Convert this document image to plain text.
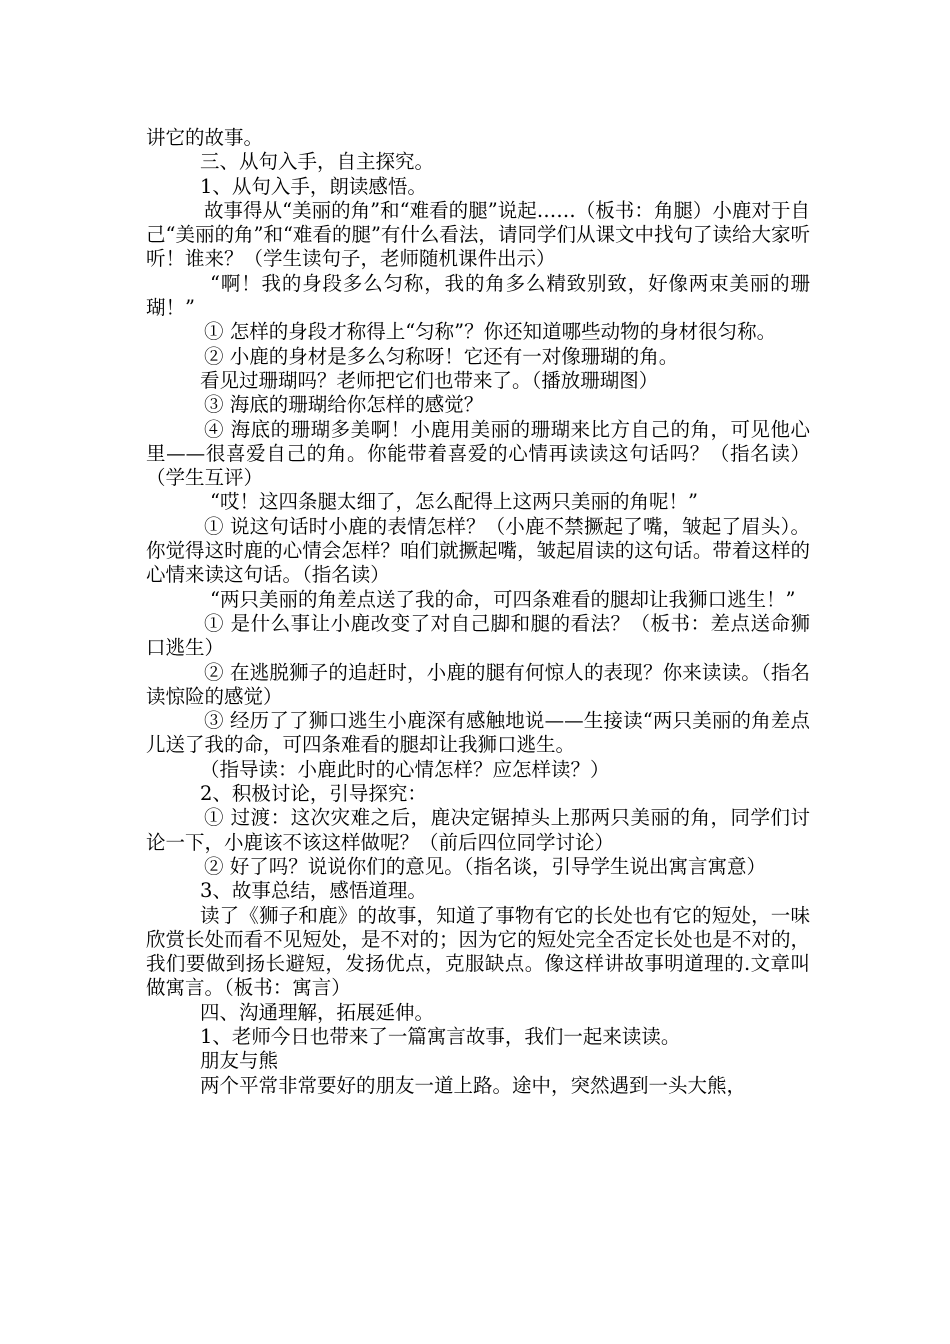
讲它的故事。

三、从句入手，自主探究。

1、从句入手，朗读感悟。

故事得从“美丽的角”和“难看的腿”说起……（板书：角腿）小鹿对于自己“美丽的角”和“难看的腿”有什么看法，请同学们从课文中找句了读给大家听听！谁来？（学生读句子，老师随机课件出示）

“啊！我的身段多么匀称，我的角多么精致别致，好像两束美丽的珊瑚！”

① 怎样的身段才称得上“匀称”？你还知道哪些动物的身材很匀称。

② 小鹿的身材是多么匀称呀！它还有一对像珊瑚的角。

看见过珊瑚吗？老师把它们也带来了。（播放珊瑚图）

③ 海底的珊瑚给你怎样的感觉？

④ 海底的珊瑚多美啊！小鹿用美丽的珊瑚来比方自己的角，可见他心里——很喜爱自己的角。你能带着喜爱的心情再读读这句话吗？（指名读）（学生互评）

“哎！这四条腿太细了，怎么配得上这两只美丽的角呢！”

① 说这句话时小鹿的表情怎样？（小鹿不禁撅起了嘴，皱起了眉头）。你觉得这时鹿的心情会怎样？咱们就撅起嘴，皱起眉读的这句话。带着这样的心情来读这句话。（指名读）

“两只美丽的角差点送了我的命，可四条难看的腿却让我狮口逃生！”

① 是什么事让小鹿改变了对自己脚和腿的看法？（板书：差点送命狮口逃生）

② 在逃脱狮子的追赶时，小鹿的腿有何惊人的表现？你来读读。（指名读惊险的感觉）

③ 经历了了狮口逃生小鹿深有感触地说——生接读“两只美丽的角差点儿送了我的命，可四条难看的腿却让我狮口逃生。

（指导读：小鹿此时的心情怎样？应怎样读？）

2、积极讨论，引导探究：

① 过渡：这次灾难之后，鹿决定锯掉头上那两只美丽的角，同学们讨论一下，小鹿该不该这样做呢？（前后四位同学讨论）

② 好了吗？说说你们的意见。（指名谈，引导学生说出寓言寓意）

3、故事总结，感悟道理。

读了《狮子和鹿》的故事，知道了事物有它的长处也有它的短处，一味欣赏长处而看不见短处，是不对的；因为它的短处完全否定长处也是不对的，我们要做到扬长避短，发扬优点，克服缺点。像这样讲故事明道理的.文章叫做寓言。（板书：寓言）

四、沟通理解，拓展延伸。

1、老师今日也带来了一篇寓言故事，我们一起来读读。

朋友与熊

两个平常非常要好的朋友一道上路。途中，突然遇到一头大熊，
